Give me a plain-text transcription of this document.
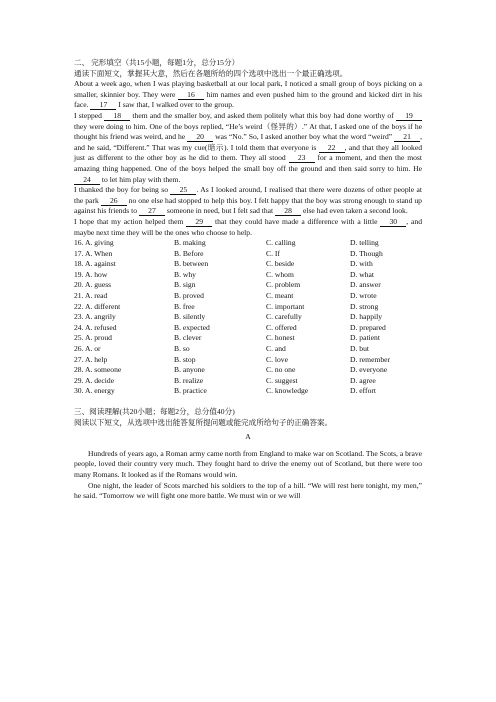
二、 完形填空（共15小题，每题1分，总分15分）

通读下面短文，掌握其大意，然后在各题所给的四个选项中选出一个最正确选项。

About a week ago, when I was playing basketball at our local park, I noticed a small group of boys picking on a smaller, skinnier boy. They were 16 him names and even pushed him to the ground and kicked dirt in his face. 17 I saw that, I walked over to the group.

I stepped 18 them and the smaller boy, and asked them politely what this boy had done worthy of 19 they were doing to him. One of the boys replied, “He’s weird（怪异的）.” At that, I asked one of the boys if he thought his friend was weird, and he 20 was “No.” So, I asked another boy what the word “weird” 21 , and he said, “Different.” That was my cue(暗示). I told them that everyone is 22 , and that they all looked just as different to the other boy as he did to them. They all stood 23 for a moment, and then the most amazing thing happened. One of the boys helped the small boy off the ground and then said sorry to him. He 24 to let him play with them.

I thanked the boy for being so 25 . As I looked around, I realised that there were dozens of other people at the park 26 no one else had stopped to help this boy. I felt happy that the boy was strong enough to stand up against his friends to 27 someone in need, but I felt sad that 28 else had even taken a second look.

I hope that my action helped them 29 that they could have made a difference with a little 30 , and maybe next time they will be the ones who choose to help.

16. A. giving	B. making	C. calling	D. telling
17. A. When	B. Before	C. If	D. Though
18. A. against	B. between	C. beside	D. with
19. A. how	B. why	C. whom	D. what
20. A. guess	B. sign	C. problem	D. answer
21. A. read	B. proved	C. meant	D. wrote
22. A. different	B. free	C. important	D. strong
23. A. angrily	B. silently	C. carefully	D. happily
24. A. refused	B. expected	C. offered	D. prepared
25. A. proud	B. clever	C. honest	D. patient
26. A. or	B. so	C. and	D. but
27. A. help	B. stop	C. love	D. remember
28. A. someone	B. anyone	C. no one	D. everyone
29. A. decide	B. realize	C. suggest	D. agree
30. A. energy	B. practice	C. knowledge	D. effort

三、阅读理解(共20小题；每题2分，总分值40分)

阅读以下短文，从选项中选出能答复所提问题或能完成所给句子的正确答案。

A

Hundreds of years ago, a Roman army came north from England to make war on Scotland. The Scots, a brave people, loved their country very much. They fought hard to drive the enemy out of Scotland, but there were too many Romans. It looked as if the Romans would win.

One night, the leader of Scots marched his soldiers to the top of a hill. “We will rest here tonight, my men,” he said. “Tomorrow we will fight one more battle. We must win or we will
